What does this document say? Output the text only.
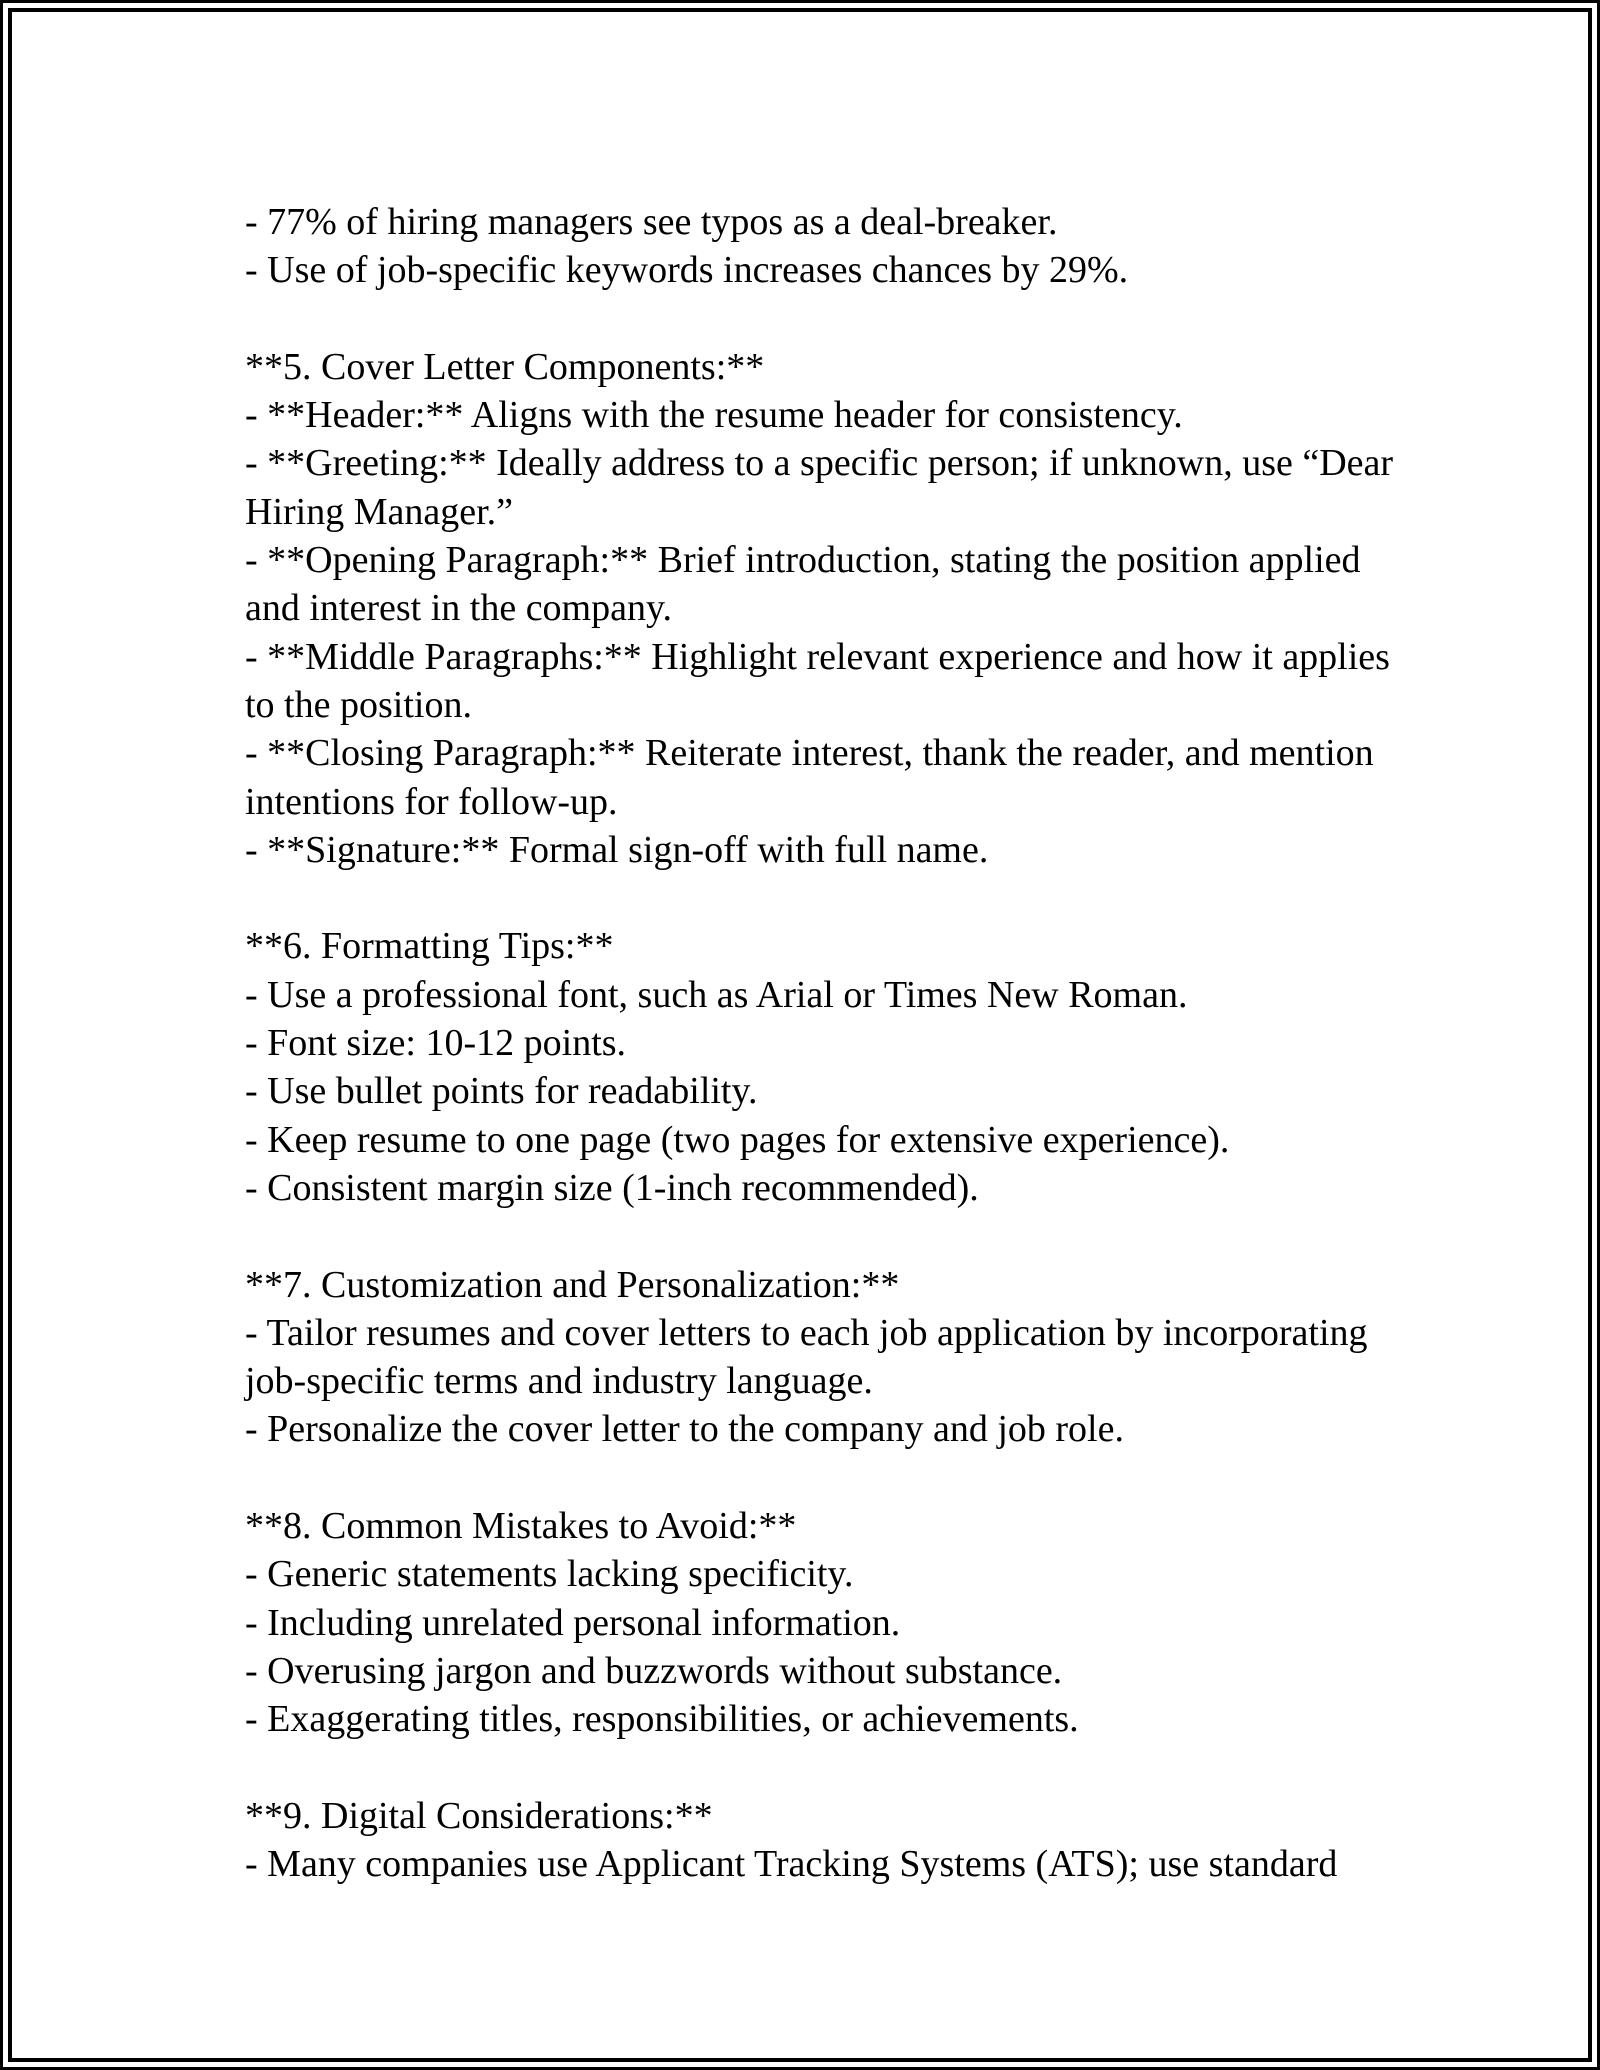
- 77% of hiring managers see typos as a deal-breaker.
- Use of job-specific keywords increases chances by 29%.
**5. Cover Letter Components:**
- **Header:** Aligns with the resume header for consistency.
- **Greeting:** Ideally address to a specific person; if unknown, use “Dear
Hiring Manager.”
- **Opening Paragraph:** Brief introduction, stating the position applied
and interest in the company.
- **Middle Paragraphs:** Highlight relevant experience and how it applies
to the position.
- **Closing Paragraph:** Reiterate interest, thank the reader, and mention
intentions for follow-up.
- **Signature:** Formal sign-off with full name.
**6. Formatting Tips:**
- Use a professional font, such as Arial or Times New Roman.
- Font size: 10-12 points.
- Use bullet points for readability.
- Keep resume to one page (two pages for extensive experience).
- Consistent margin size (1-inch recommended).
**7. Customization and Personalization:**
- Tailor resumes and cover letters to each job application by incorporating
job-specific terms and industry language.
- Personalize the cover letter to the company and job role.
**8. Common Mistakes to Avoid:**
- Generic statements lacking specificity.
- Including unrelated personal information.
- Overusing jargon and buzzwords without substance.
- Exaggerating titles, responsibilities, or achievements.
**9. Digital Considerations:**
- Many companies use Applicant Tracking Systems (ATS); use standard
